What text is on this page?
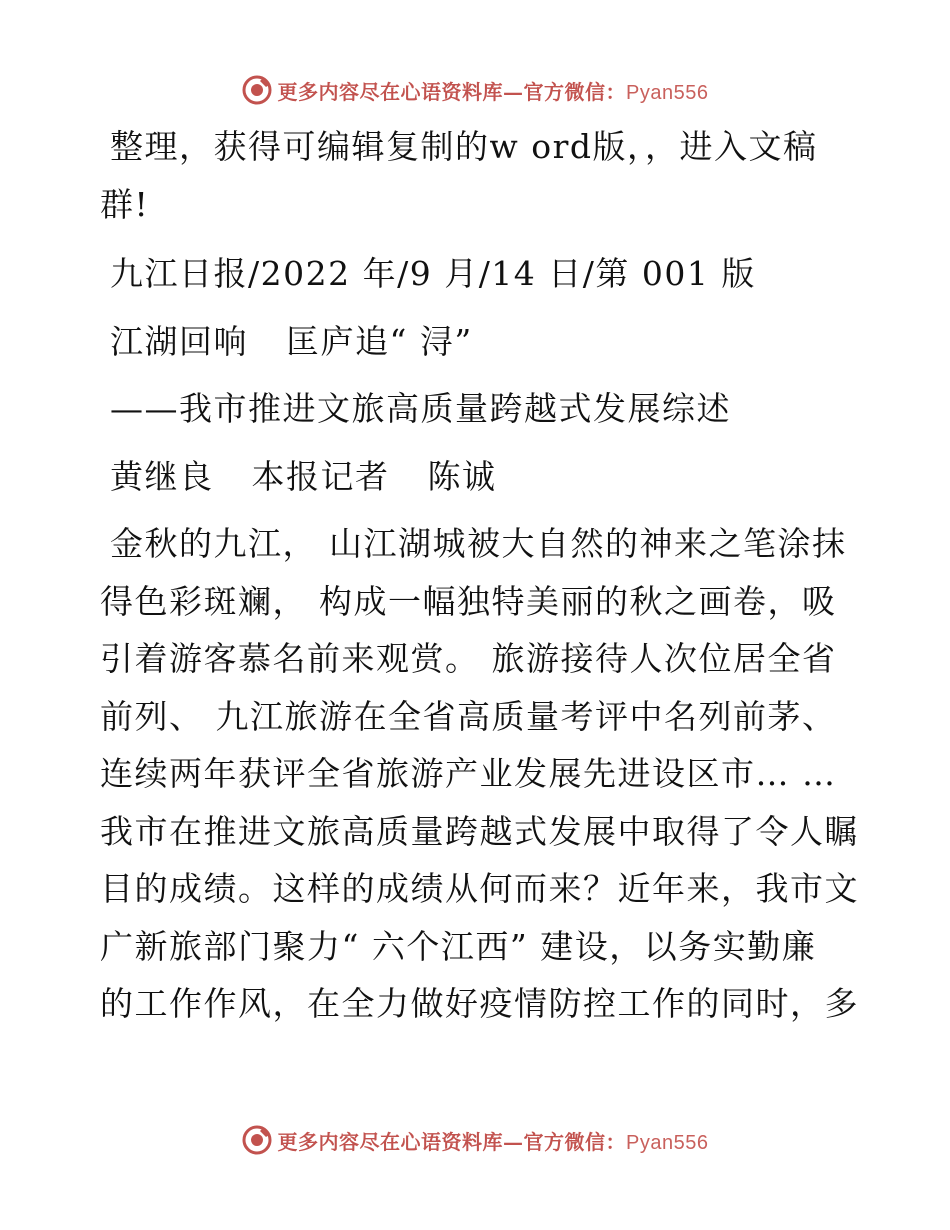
更多内容尽在心语资料库—官方微信：Pyan556
整理，获得可编辑复制的w ord版，，进入文稿
群!
九江日报/2022 年/9 月/14 日/第 001 版
江湖回响 匡庐追“ 浔”
——我市推进文旅高质量跨越式发展综述
黄继良 本报记者 陈诚
金秋的九江， 山江湖城被大自然的神来之笔涂抹
得色彩斑斓， 构成一幅独特美丽的秋之画卷，吸
引着游客慕名前来观赏。 旅游接待人次位居全省
前列、 九江旅游在全省高质量考评中名列前茅、
连续两年获评全省旅游产业发展先进设区市… …
我市在推进文旅高质量跨越式发展中取得了令人瞩
目的成绩。这样的成绩从何而来？近年来，我市文
广新旅部门聚力“ 六个江西” 建设，以务实勤廉
的工作作风，在全力做好疫情防控工作的同时，多
更多内容尽在心语资料库—官方微信：Pyan556
